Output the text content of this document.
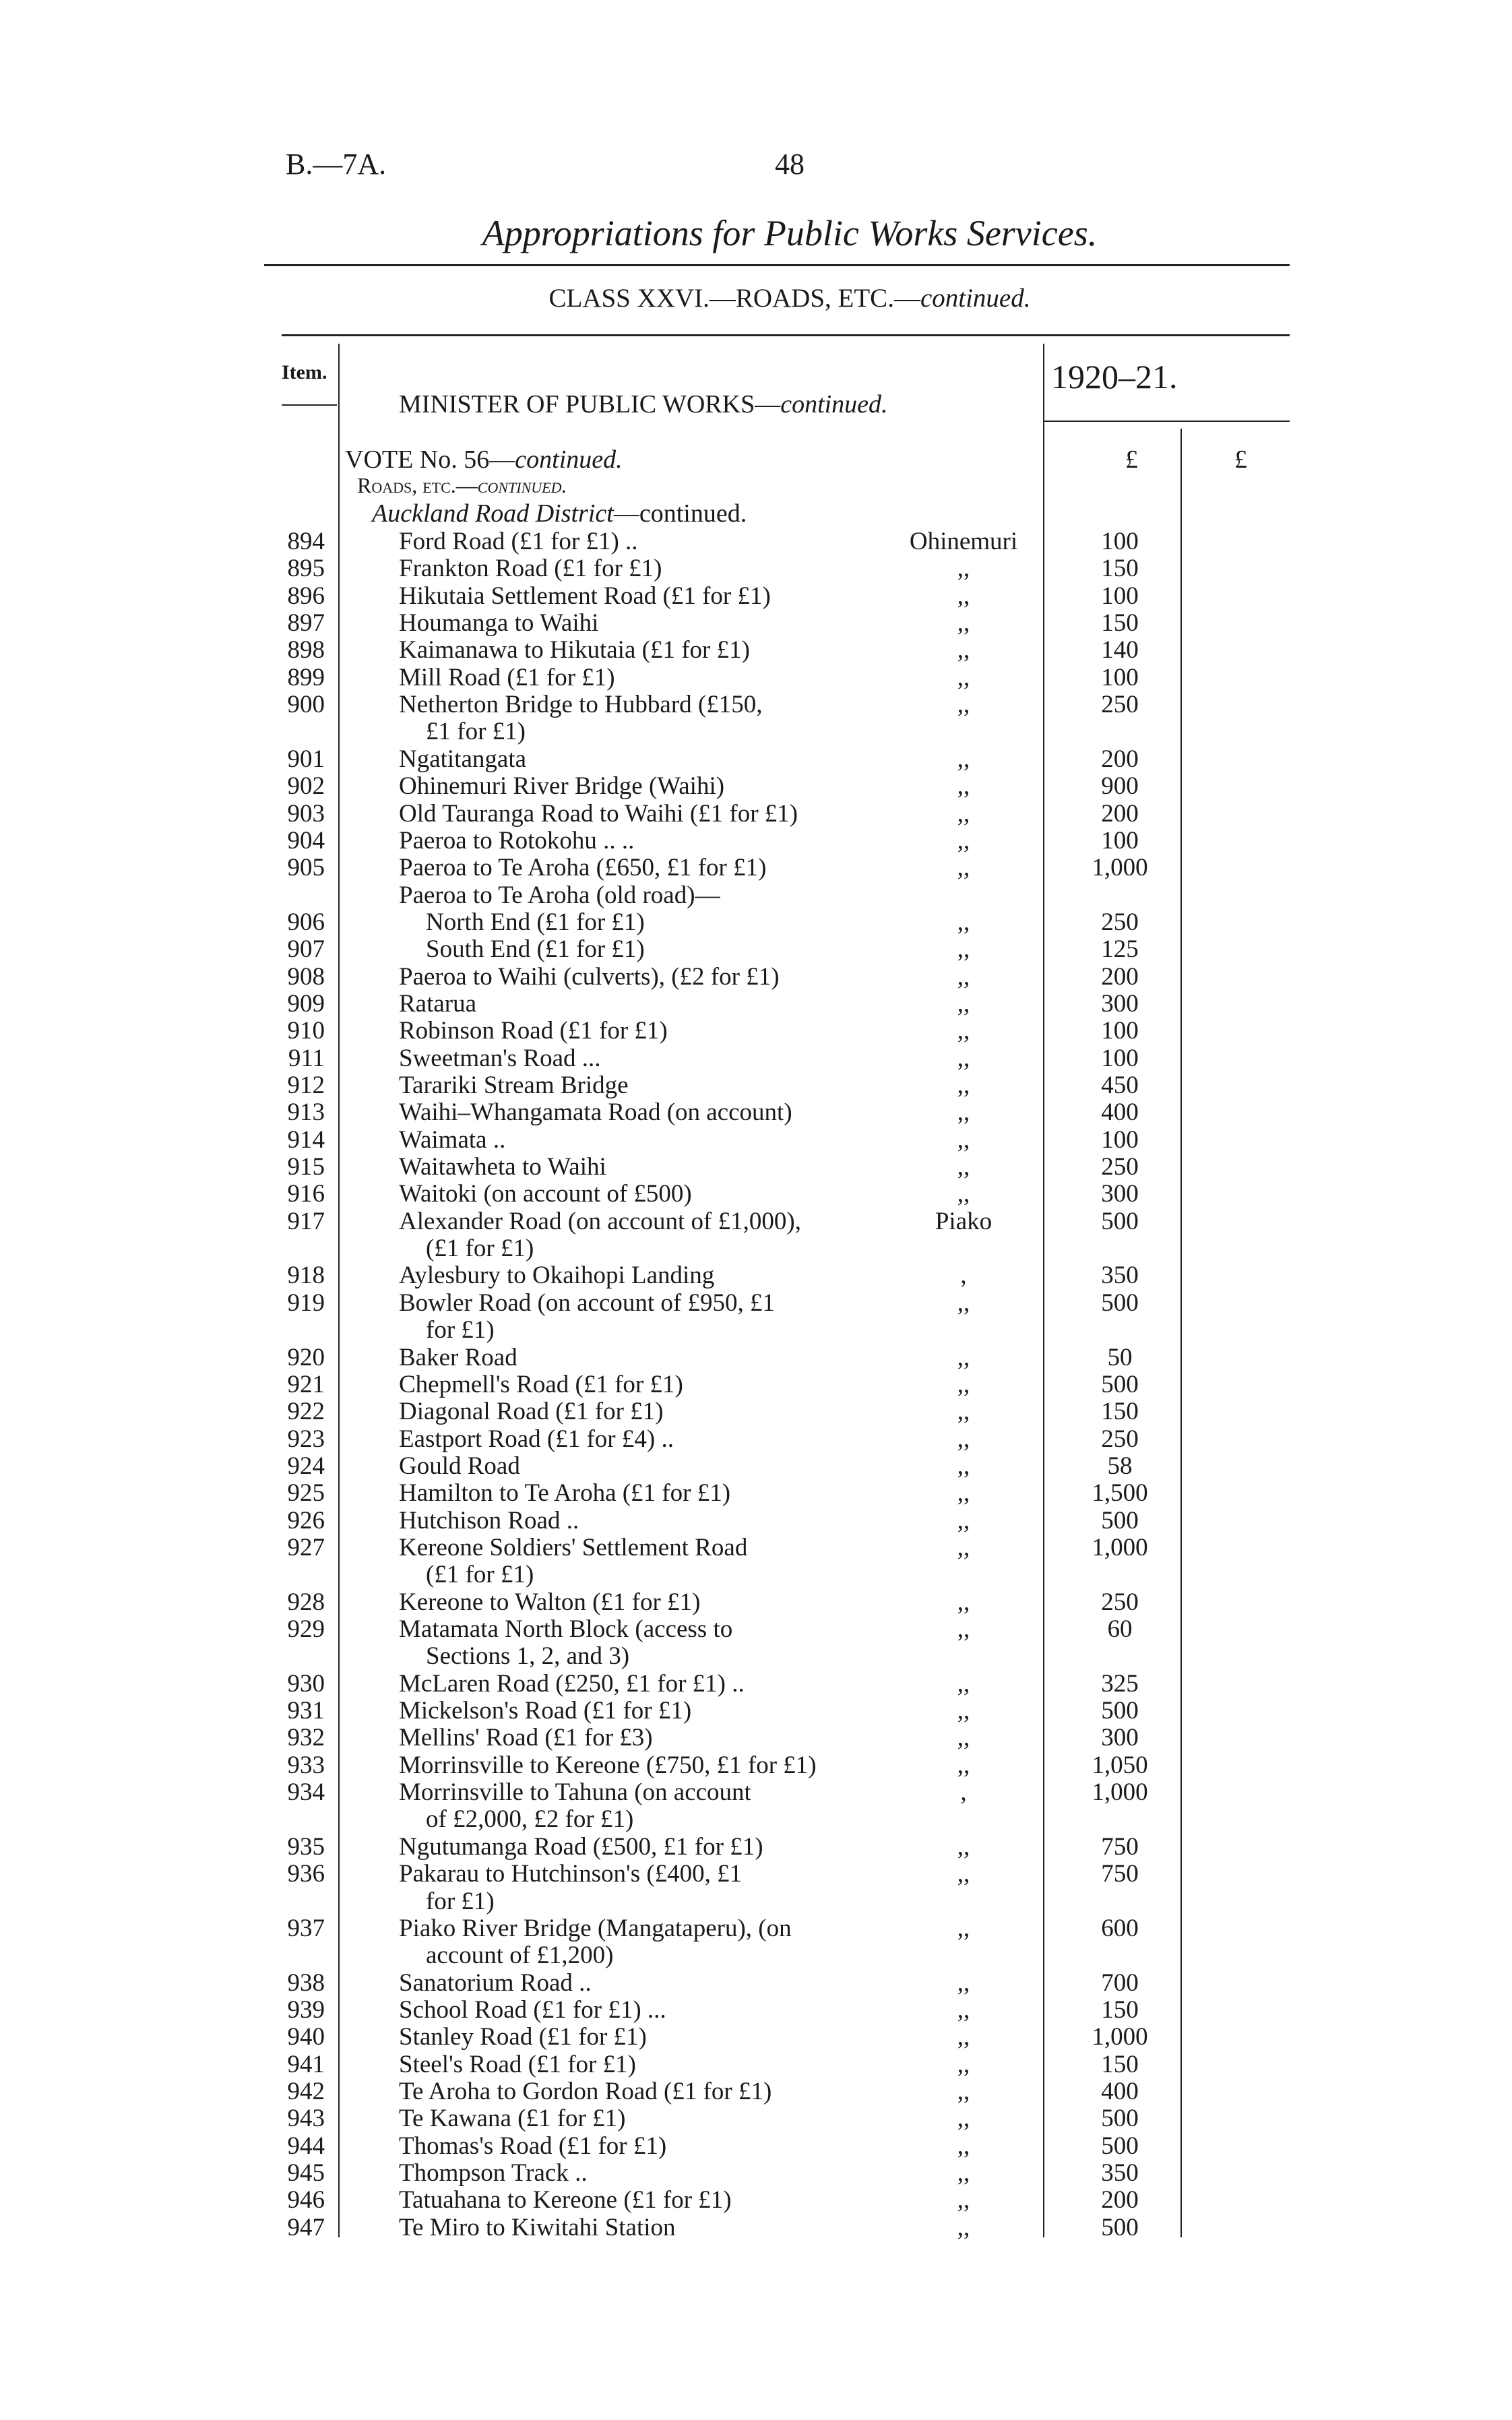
B.—7A.	48
Appropriations for Public Works Services.
CLASS XXVI.—ROADS, ETC.—continued.
Item.
MINISTER OF PUBLIC WORKS—continued.
1920–21.
£	£
VOTE No. 56—continued.
Roads, etc.—continued.
Auckland Road District—continued.
894	Ford Road (£1 for £1) ..	Ohinemuri	100
895	Frankton Road (£1 for £1)	,,	150
896	Hikutaia Settlement Road (£1 for £1)	,,	100
897	Houmanga to Waihi	,,	150
898	Kaimanawa to Hikutaia (£1 for £1)	,,	140
899	Mill Road (£1 for £1)	,,	100
900	Netherton Bridge to Hubbard (£150,	,,	250
£1 for £1)
901	Ngatitangata	,,	200
902	Ohinemuri River Bridge (Waihi)	,,	900
903	Old Tauranga Road to Waihi (£1 for £1)	,,	200
904	Paeroa to Rotokohu .. ..	,,	100
905	Paeroa to Te Aroha (£650, £1 for £1)	,,	1,000
Paeroa to Te Aroha (old road)—
906	North End (£1 for £1)	,,	250
907	South End (£1 for £1)	,,	125
908	Paeroa to Waihi (culverts), (£2 for £1)	,,	200
909	Ratarua	,,	300
910	Robinson Road (£1 for £1)	,,	100
911	Sweetman's Road ...	,,	100
912	Tarariki Stream Bridge	,,	450
913	Waihi–Whangamata Road (on account)	,,	400
914	Waimata ..	,,	100
915	Waitawheta to Waihi	,,	250
916	Waitoki (on account of £500)	,,	300
917	Alexander Road (on account of £1,000),	Piako	500
(£1 for £1)
918	Aylesbury to Okaihopi Landing	,	350
919	Bowler Road (on account of £950, £1	,,	500
for £1)
920	Baker Road	,,	50
921	Chepmell's Road (£1 for £1)	,,	500
922	Diagonal Road (£1 for £1)	,,	150
923	Eastport Road (£1 for £4) ..	,,	250
924	Gould Road	,,	58
925	Hamilton to Te Aroha (£1 for £1)	,,	1,500
926	Hutchison Road ..	,,	500
927	Kereone Soldiers' Settlement Road	,,	1,000
(£1 for £1)
928	Kereone to Walton (£1 for £1)	,,	250
929	Matamata North Block (access to	,,	60
Sections 1, 2, and 3)
930	McLaren Road (£250, £1 for £1) ..	,,	325
931	Mickelson's Road (£1 for £1)	,,	500
932	Mellins' Road (£1 for £3)	,,	300
933	Morrinsville to Kereone (£750, £1 for £1)	,,	1,050
934	Morrinsville to Tahuna (on account	,	1,000
of £2,000, £2 for £1)
935	Ngutumanga Road (£500, £1 for £1)	,,	750
936	Pakarau to Hutchinson's (£400, £1	,,	750
for £1)
937	Piako River Bridge (Mangataperu), (on	,,	600
account of £1,200)
938	Sanatorium Road ..	,,	700
939	School Road (£1 for £1) ...	,,	150
940	Stanley Road (£1 for £1)	,,	1,000
941	Steel's Road (£1 for £1)	,,	150
942	Te Aroha to Gordon Road (£1 for £1)	,,	400
943	Te Kawana (£1 for £1)	,,	500
944	Thomas's Road (£1 for £1)	,,	500
945	Thompson Track ..	,,	350
946	Tatuahana to Kereone (£1 for £1)	,,	200
947	Te Miro to Kiwitahi Station	,,	500
